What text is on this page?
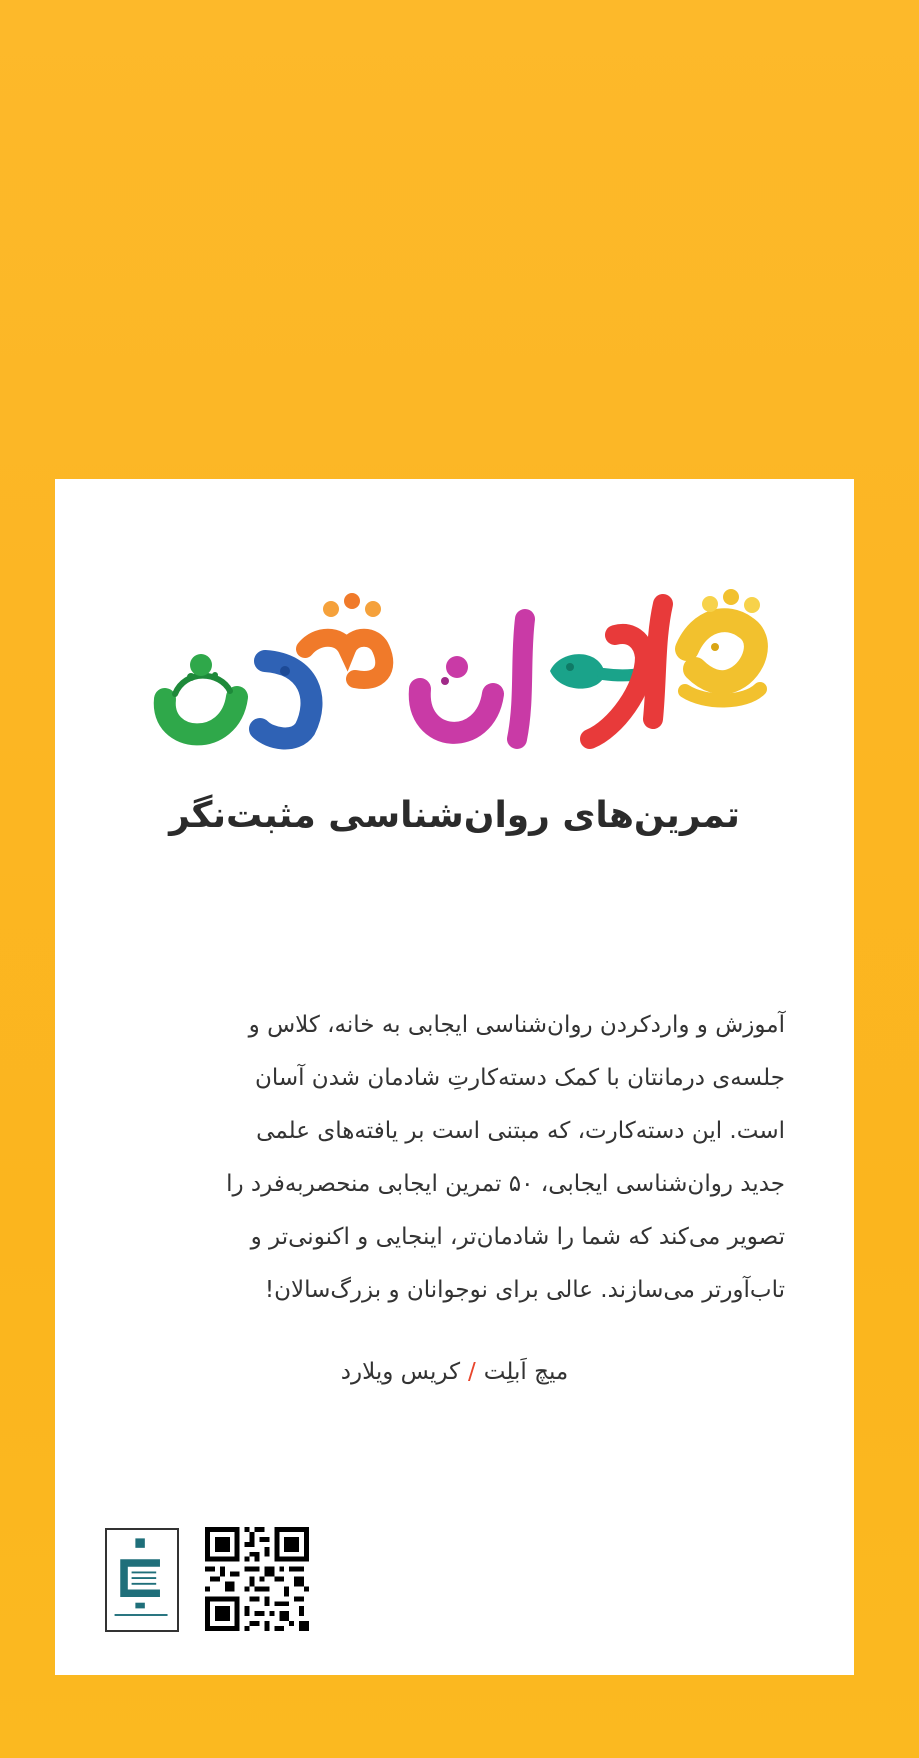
تمرین‌های روان‌شناسی مثبت‌نگر
آموزش و واردکردن روان‌شناسی ایجابی به خانه، کلاس و
جلسه‌ی درمانتان با کمک دسته‌کارتِ شادمان شدن آسان
است. این دسته‌کارت، که مبتنی است بر یافته‌های علمی
جدید روان‌شناسی ایجابی، ۵۰ تمرین ایجابی منحصربه‌فرد را
تصویر می‌کند که شما را شادمان‌تر، اینجایی و اکنونی‌تر و
تاب‌آورتر می‌سازند. عالی برای نوجوانان و بزرگ‌سالان!
میچ اَبلِت/کریس ویلارد
